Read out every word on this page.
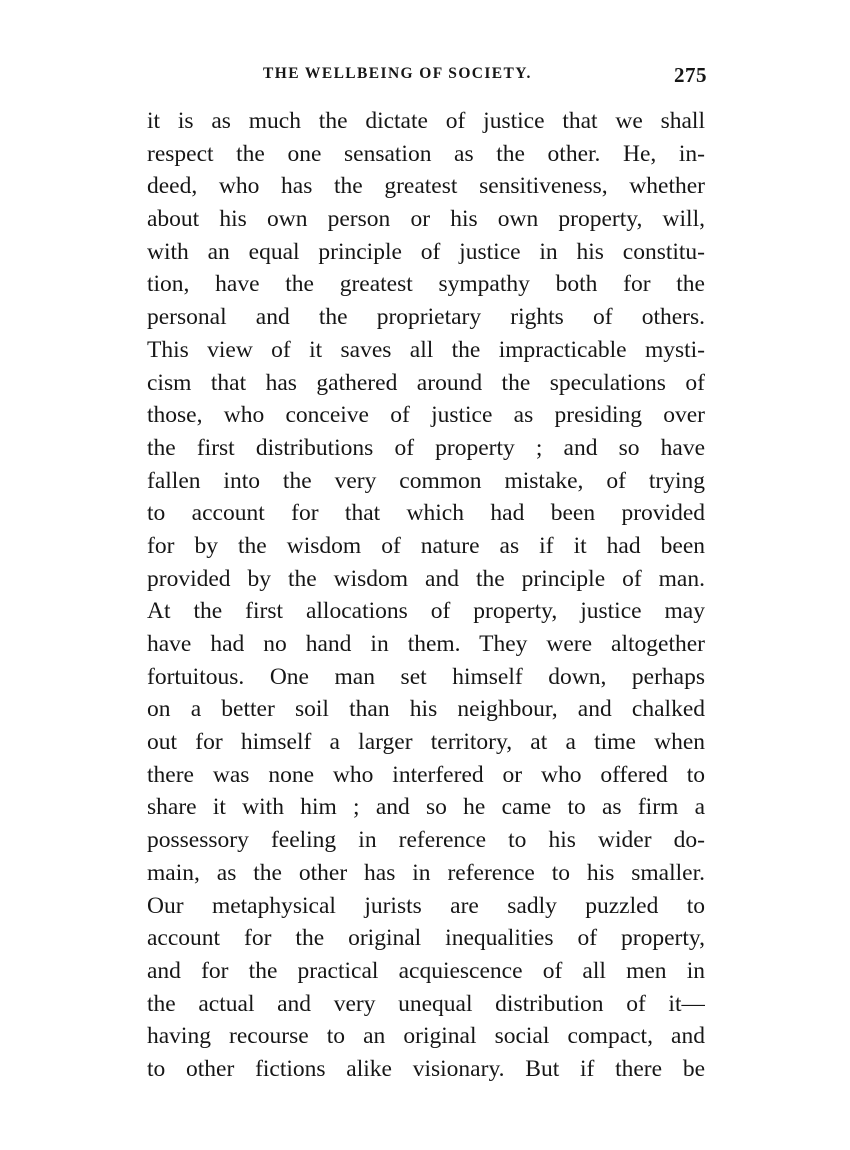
THE WELLBEING OF SOCIETY.	275
it is as much the dictate of justice that we shall
respect the one sensation as the other. He, in-
deed, who has the greatest sensitiveness, whether
about his own person or his own property, will,
with an equal principle of justice in his constitu-
tion, have the greatest sympathy both for the
personal and the proprietary rights of others.
This view of it saves all the impracticable mysti-
cism that has gathered around the speculations of
those, who conceive of justice as presiding over
the first distributions of property ; and so have
fallen into the very common mistake, of trying
to account for that which had been provided
for by the wisdom of nature as if it had been
provided by the wisdom and the principle of man.
At the first allocations of property, justice may
have had no hand in them. They were altogether
fortuitous. One man set himself down, perhaps
on a better soil than his neighbour, and chalked
out for himself a larger territory, at a time when
there was none who interfered or who offered to
share it with him ; and so he came to as firm a
possessory feeling in reference to his wider do-
main, as the other has in reference to his smaller.
Our metaphysical jurists are sadly puzzled to
account for the original inequalities of property,
and for the practical acquiescence of all men in
the actual and very unequal distribution of it—
having recourse to an original social compact, and
to other fictions alike visionary. But if there be
